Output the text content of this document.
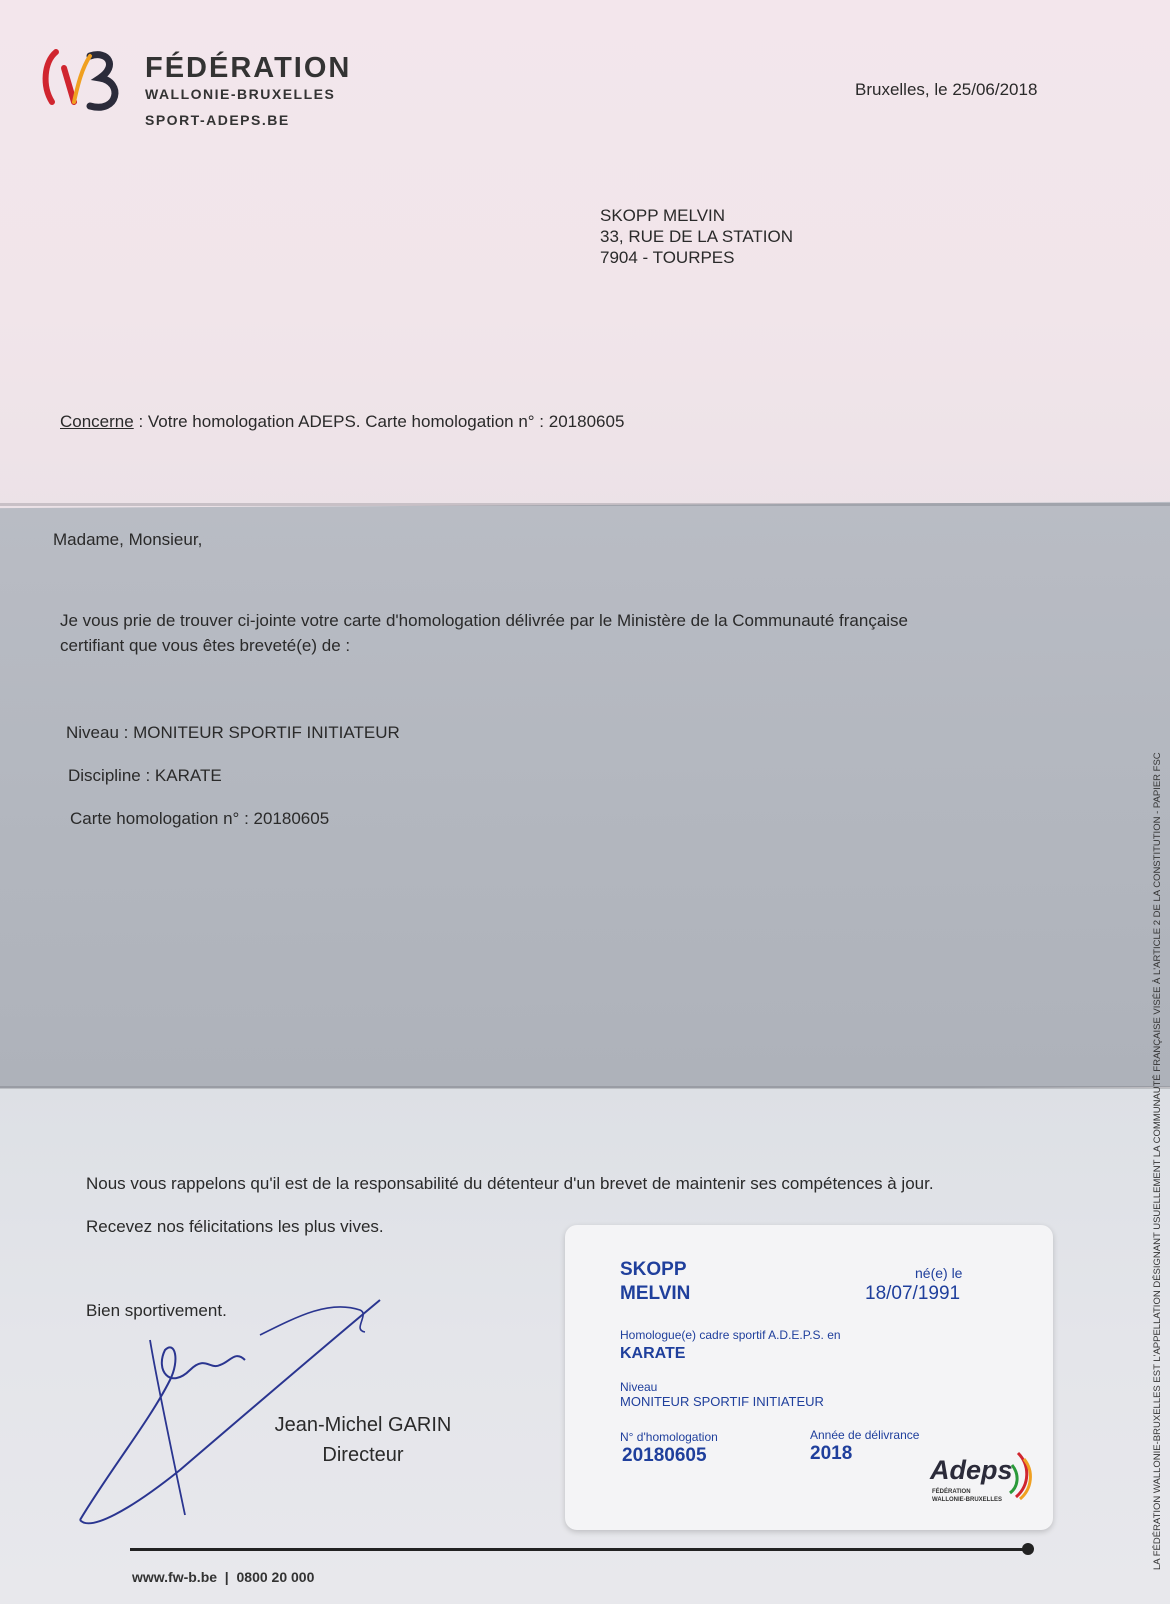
FÉDÉRATION
WALLONIE-BRUXELLES
SPORT-ADEPS.BE
Bruxelles, le 25/06/2018
SKOPP MELVIN
33, RUE DE LA STATION
7904 - TOURPES
Concerne : Votre homologation ADEPS. Carte homologation n° : 20180605
Madame, Monsieur,
Je vous prie de trouver ci-jointe votre carte d'homologation délivrée par le Ministère de la Communauté française
certifiant que vous êtes breveté(e) de :
Niveau : MONITEUR SPORTIF INITIATEUR
Discipline : KARATE
Carte homologation n° : 20180605
Nous vous rappelons qu'il est de la responsabilité du détenteur d'un brevet de maintenir ses compétences à jour.
Recevez nos félicitations les plus vives.
Bien sportivement.
Jean-Michel GARIN
Directeur
SKOPP
MELVIN
né(e) le
18/07/1991
Homologue(e) cadre sportif A.D.E.P.S. en
KARATE
Niveau
MONITEUR SPORTIF INITIATEUR
N° d'homologation
20180605
Année de délivrance
2018
Adeps
FÉDÉRATION
WALLONIE-BRUXELLES
www.fw-b.be  |  0800 20 000
LA FÉDÉRATION WALLONIE-BRUXELLES EST L'APPELLATION DÉSIGNANT USUELLEMENT LA COMMUNAUTÉ FRANÇAISE VISÉE À L'ARTICLE 2 DE LA CONSTITUTION - PAPIER FSC
